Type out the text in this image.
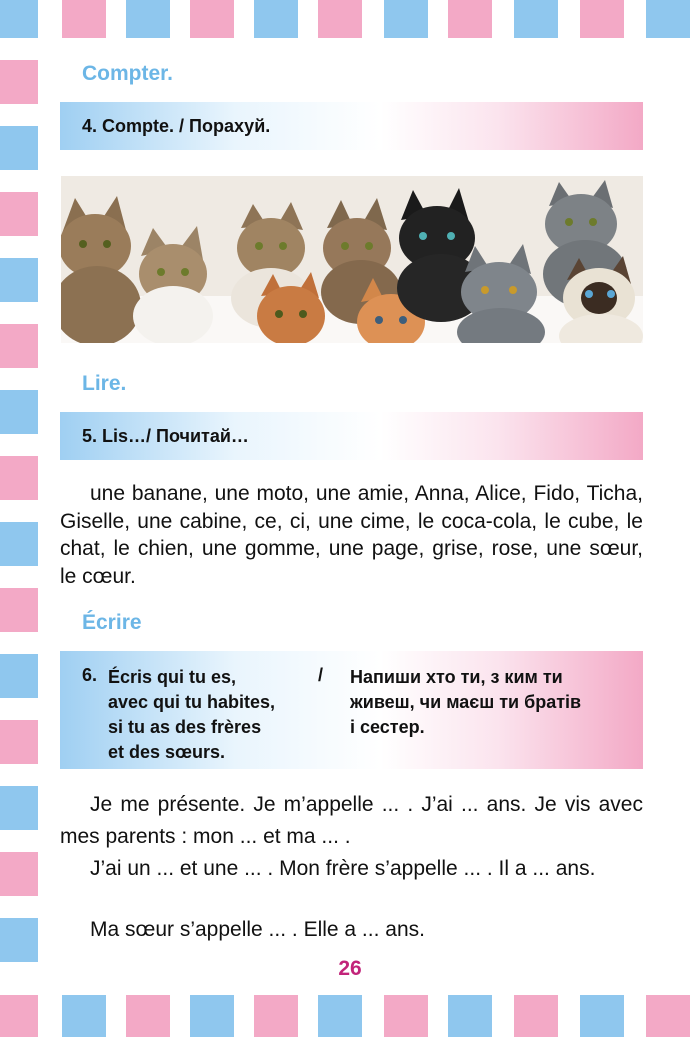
Compter.
4. Compte. / Порахуй.
Lire.
5. Lis…/ Почитай…
une banane, une moto, une amie, Anna, Alice, Fido, Ticha, Giselle, une cabine, ce, ci, une cime, le coca-cola, le cube, le chat, le chien, une gomme, une page, grise, rose, une sœur, le cœur.
Écrire
6. Écris qui tu es,
avec qui tu habites,
si tu as des frères
et des sœurs.
/ Напиши хто ти, з ким ти
живеш, чи маєш ти братів
і сестер.
Je me présente. Je m’appelle ... . J’ai ... ans. Je vis avec mes parents : mon ... et ma ... .
J’ai un ... et une ... . Mon frère s’appelle ... . Il a ... ans.
Ma sœur s’appelle ... . Elle a ... ans.
26
